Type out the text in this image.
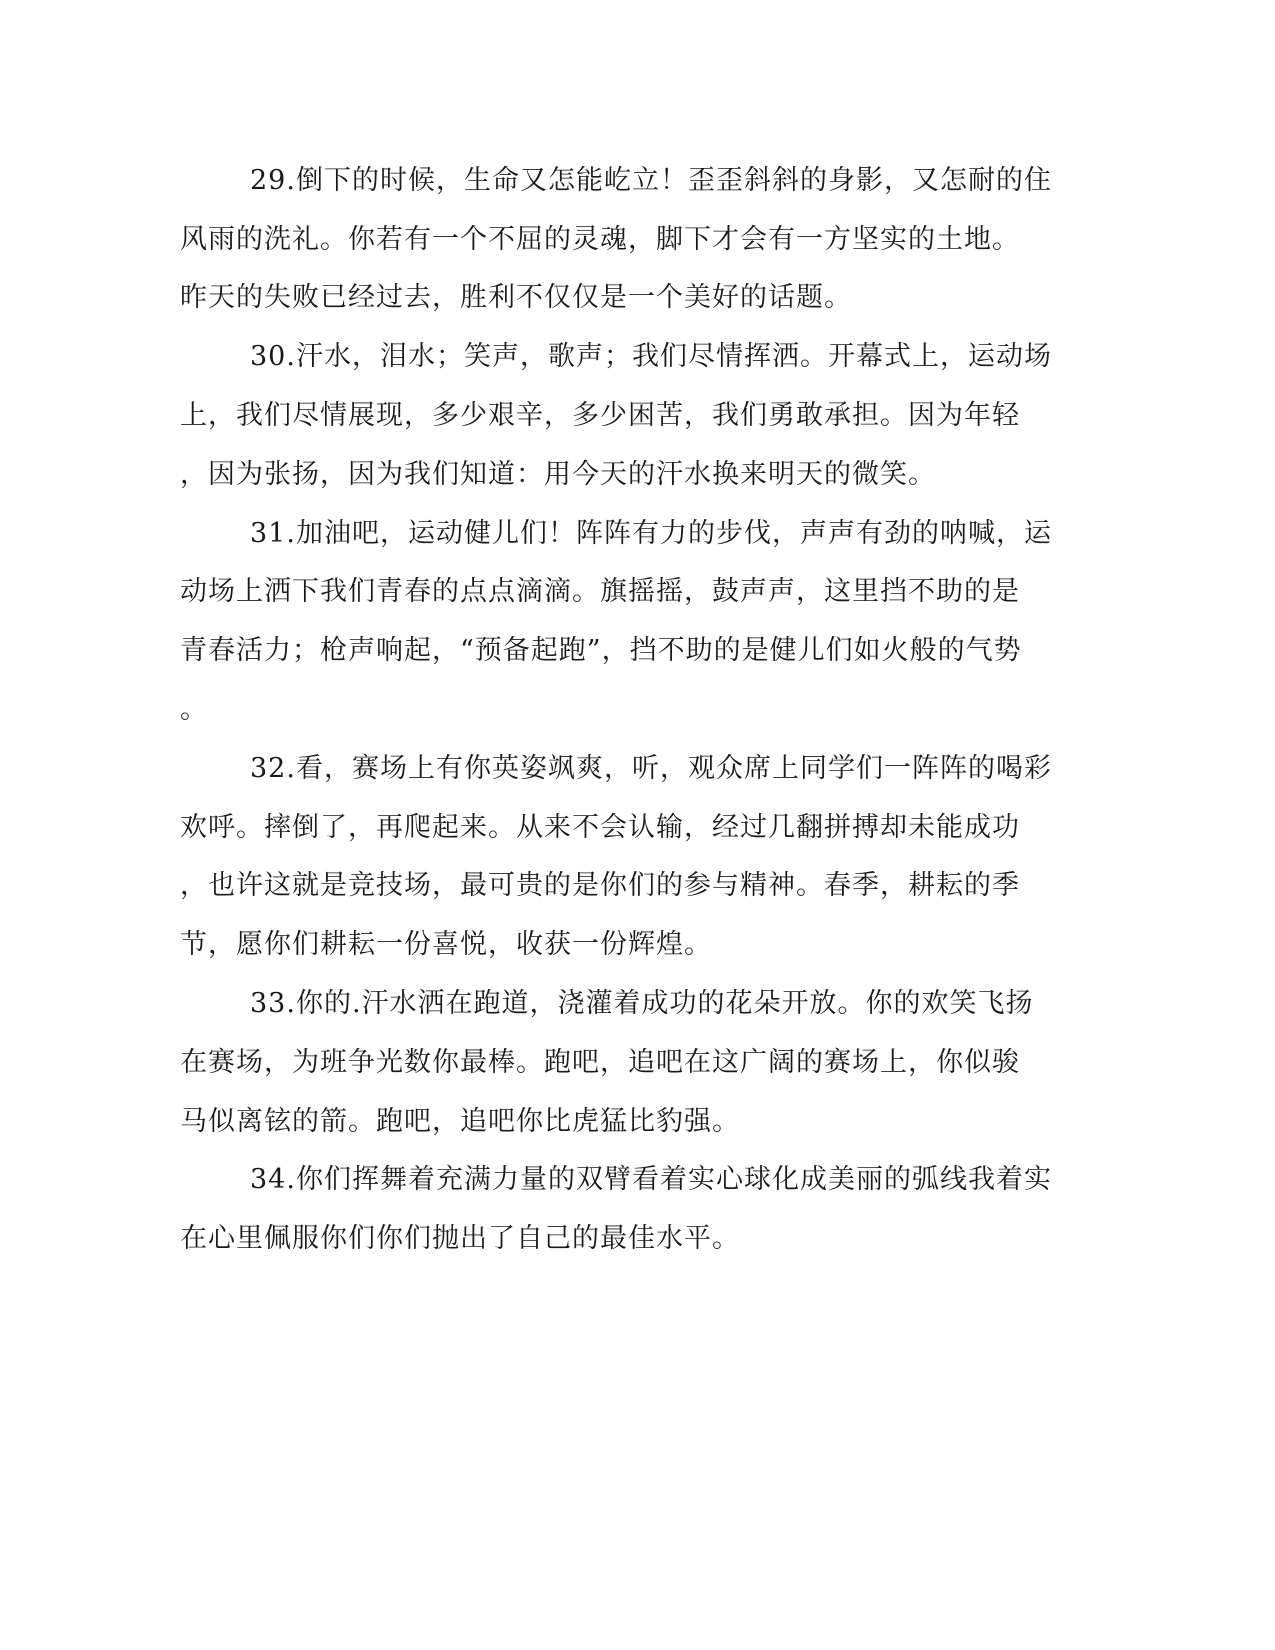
29.倒下的时候，生命又怎能屹立！歪歪斜斜的身影，又怎耐的住
风雨的洗礼。你若有一个不屈的灵魂，脚下才会有一方坚实的土地。
昨天的失败已经过去，胜利不仅仅是一个美好的话题。
30.汗水，泪水；笑声，歌声；我们尽情挥洒。开幕式上，运动场
上，我们尽情展现，多少艰辛，多少困苦，我们勇敢承担。因为年轻
，因为张扬，因为我们知道：用今天的汗水换来明天的微笑。
31.加油吧，运动健儿们！阵阵有力的步伐，声声有劲的呐喊，运
动场上洒下我们青春的点点滴滴。旗摇摇，鼓声声，这里挡不助的是
青春活力；枪声响起，“预备起跑”，挡不助的是健儿们如火般的气势
。
32.看，赛场上有你英姿飒爽，听，观众席上同学们一阵阵的喝彩
欢呼。摔倒了，再爬起来。从来不会认输，经过几翻拼搏却未能成功
，也许这就是竞技场，最可贵的是你们的参与精神。春季，耕耘的季
节，愿你们耕耘一份喜悦，收获一份辉煌。
33.你的.汗水洒在跑道，浇灌着成功的花朵开放。你的欢笑飞扬
在赛场，为班争光数你最棒。跑吧，追吧在这广阔的赛场上，你似骏
马似离铉的箭。跑吧，追吧你比虎猛比豹强。
34.你们挥舞着充满力量的双臂看着实心球化成美丽的弧线我着实
在心里佩服你们你们抛出了自己的最佳水平。
